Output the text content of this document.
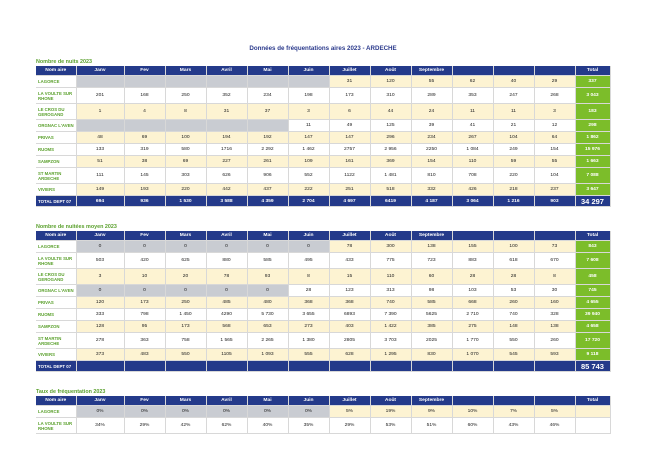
Données de fréquentations aires 2023 - ARDECHE
Nombre de nuits 2023
Nom aire	Janv	Fev	Mars	Avril	Mai	Juin	Juillet	Août	Septembre				Total
LAGORCE							31	120	55	62	40	29	337
LA VOULTE SUR RHONE	201	168	250	352	234	198	173	310	289	353	247	268	3 043
LE CROS DU GEROGAND	1	4	8	31	37	3	6	44	24	11	11	3	183
ORGNAC L'AVEN						11	49	125	39	41	21	12	298
PRIVAS	48	69	100	194	192	147	147	296	234	267	104	64	1 862
RUOMS	133	319	580	1716	2 292	1 462	2757	2 956	2250	1 084	249	154	15 976
SAMPZON	51	38	69	227	261	109	161	369	154	110	59	55	1 663
ST MARTIN ARDECHE	111	145	303	626	906	552	1122	1 481	810	708	220	104	7 088
VIVIERS	149	193	220	442	437	222	251	518	332	426	218	237	3 647
TOTAL DEPT 07	694	936	1 530	3 588	4 359	2 704	4 697	6419	4 187	3 064	1 216	903	34 297
Nombre de nuitées moyen 2023
Nom aire	Janv	Fev	Mars	Avril	Mai	Juin	Juillet	Août	Septembre				Total
LAGORCE	0	0	0	0	0	0	78	300	138	155	100	73	843
LA VOULTE SUR RHONE	503	420	625	880	585	495	433	775	723	883	618	670	7 608
LE CROS DU GEROGAND	3	10	20	78	93	8	15	110	60	28	28	8	458
ORGNAC L'AVEN	0	0	0	0	0	28	123	313	98	103	53	30	745
PRIVAS	120	173	250	485	480	368	368	740	585	668	260	160	4 655
RUOMS	333	798	1 450	4290	5 730	3 655	6893	7 390	5625	2 710	740	328	39 940
SAMPZON	128	95	173	568	653	273	403	1 422	385	275	148	138	4 658
ST MARTIN ARDECHE	278	363	758	1 565	2 265	1 380	2805	3 703	2025	1 770	550	260	17 720
VIVIERS	373	483	550	1105	1 093	555	628	1 295	830	1 070	545	593	9 118
TOTAL DEPT 07													85 743
Taux de fréquentation 2023
Nom aire	Janv	Fev	Mars	Avril	Mai	Juin	Juillet	Août	Septembre				Total
LAGORCE	0%	0%	0%	0%	0%	0%	5%	19%	9%	10%	7%	5%	
LA VOULTE SUR RHONE	34%	29%	42%	62%	40%	35%	29%	53%	51%	60%	43%	46%	
